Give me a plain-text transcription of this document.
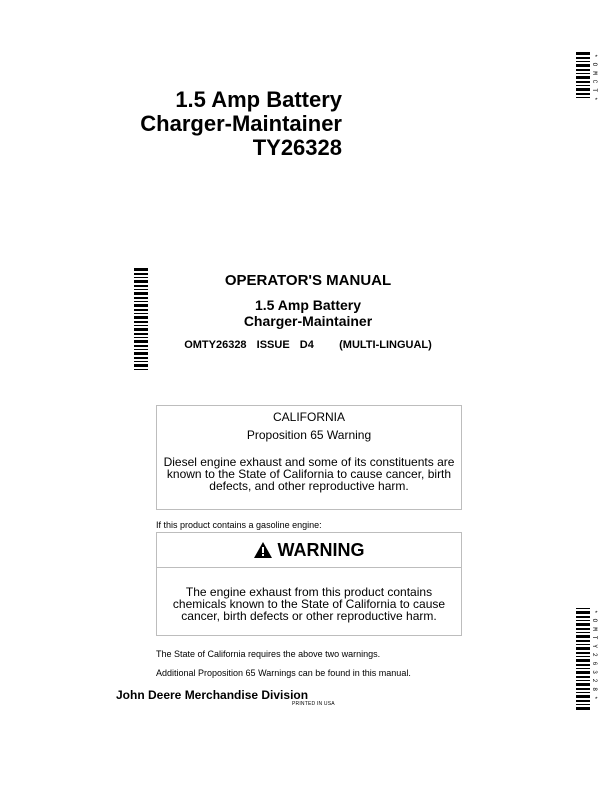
1.5 Amp Battery
Charger-Maintainer
TY26328
*OMCT*
OPERATOR'S MANUAL
1.5 Amp Battery
Charger-Maintainer
OMTY26328  ISSUE  D4     (MULTI-LINGUAL)
CALIFORNIA
Proposition 65 Warning
Diesel engine exhaust and some of its constituents are known to the State of California to cause cancer, birth defects, and other reproductive harm.
If this product contains a gasoline engine:
WARNING
The engine exhaust from this product contains chemicals known to the State of California to cause cancer, birth defects or other reproductive harm.
The State of California requires the above two warnings.
Additional Proposition 65 Warnings can be found in this manual.
John Deere Merchandise Division
PRINTED IN USA	*OMTY26328*
